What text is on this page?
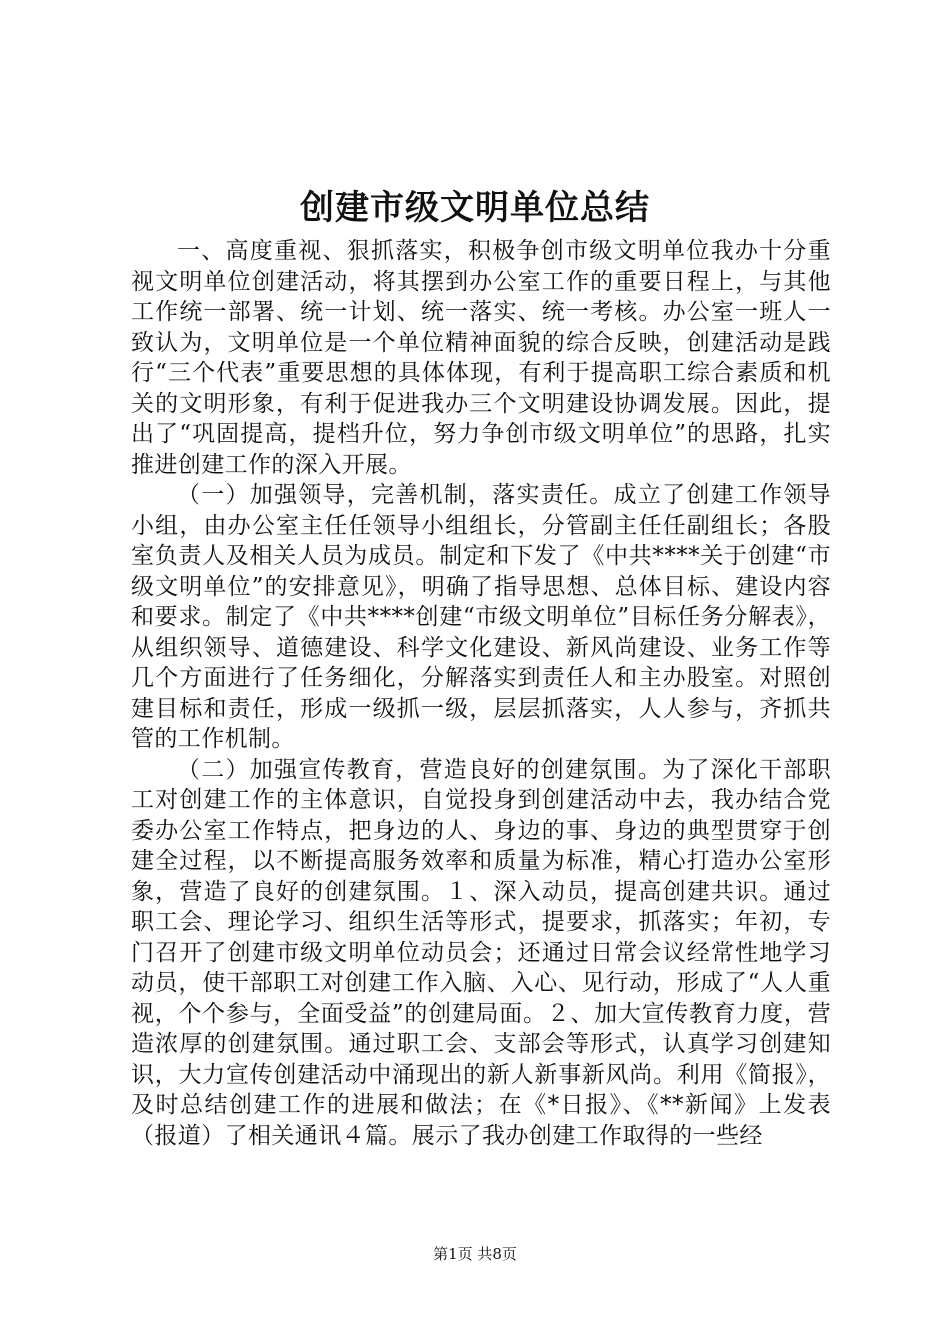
创建市级文明单位总结

一、高度重视、狠抓落实，积极争创市级文明单位我办十分重视文明单位创建活动，将其摆到办公室工作的重要日程上，与其他工作统一部署、统一计划、统一落实、统一考核。办公室一班人一致认为，文明单位是一个单位精神面貌的综合反映，创建活动是践行“三个代表”重要思想的具体体现，有利于提高职工综合素质和机关的文明形象，有利于促进我办三个文明建设协调发展。因此，提出了“巩固提高，提档升位，努力争创市级文明单位”的思路，扎实推进创建工作的深入开展。

（一）加强领导，完善机制，落实责任。成立了创建工作领导小组，由办公室主任任领导小组组长，分管副主任任副组长；各股室负责人及相关人员为成员。制定和下发了《中共****关于创建“市级文明单位”的安排意见》，明确了指导思想、总体目标、建设内容和要求。制定了《中共****创建“市级文明单位”目标任务分解表》，从组织领导、道德建设、科学文化建设、新风尚建设、业务工作等几个方面进行了任务细化，分解落实到责任人和主办股室。对照创建目标和责任，形成一级抓一级，层层抓落实，人人参与，齐抓共管的工作机制。

（二）加强宣传教育，营造良好的创建氛围。为了深化干部职工对创建工作的主体意识，自觉投身到创建活动中去，我办结合党委办公室工作特点，把身边的人、身边的事、身边的典型贯穿于创建全过程，以不断提高服务效率和质量为标准，精心打造办公室形象，营造了良好的创建氛围。１、深入动员，提高创建共识。通过职工会、理论学习、组织生活等形式，提要求，抓落实；年初，专门召开了创建市级文明单位动员会；还通过日常会议经常性地学习动员，使干部职工对创建工作入脑、入心、见行动，形成了“人人重视，个个参与，全面受益”的创建局面。２、加大宣传教育力度，营造浓厚的创建氛围。通过职工会、支部会等形式，认真学习创建知识，大力宣传创建活动中涌现出的新人新事新风尚。利用《简报》，及时总结创建工作的进展和做法；在《*日报》、《**新闻》上发表（报道）了相关通讯４篇。展示了我办创建工作取得的一些经

第1页 共8页
